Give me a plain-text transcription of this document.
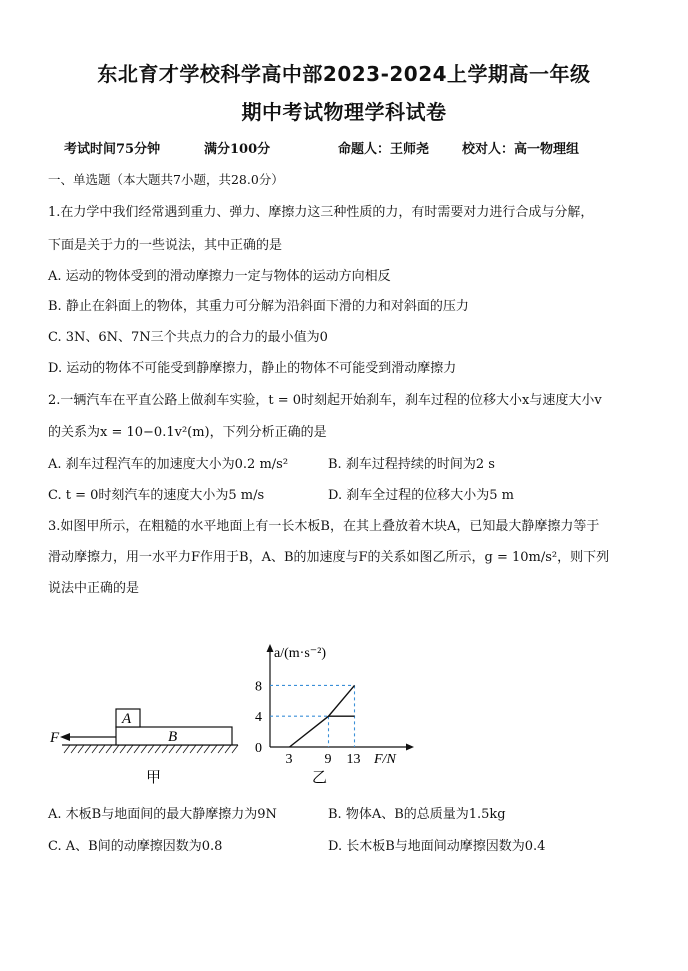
东北育才学校科学高中部2023-2024上学期高一年级
期中考试物理学科试卷
考试时间75分钟	满分100分	命题人：王师尧	校对人：高一物理组
一、单选题（本大题共7小题，共28.0分）
1.在力学中我们经常遇到重力、弹力、摩擦力这三种性质的力，有时需要对力进行合成与分解，
下面是关于力的一些说法，其中正确的是
A. 运动的物体受到的滑动摩擦力一定与物体的运动方向相反
B. 静止在斜面上的物体，其重力可分解为沿斜面下滑的力和对斜面的压力
C. 3N、6N、7N三个共点力的合力的最小值为0
D. 运动的物体不可能受到静摩擦力，静止的物体不可能受到滑动摩擦力
2.一辆汽车在平直公路上做刹车实验，t = 0时刻起开始刹车，刹车过程的位移大小x与速度大小v
的关系为x = 10−0.1v²(m)，下列分析正确的是
A. 刹车过程汽车的加速度大小为0.2 m/s²	B. 刹车过程持续的时间为2 s
C. t = 0时刻汽车的速度大小为5 m/s	D. 刹车全过程的位移大小为5 m
3.如图甲所示，在粗糙的水平地面上有一长木板B，在其上叠放着木块A，已知最大静摩擦力等于
滑动摩擦力，用一水平力F作用于B，A、B的加速度与F的关系如图乙所示，g = 10m/s²，则下列
说法中正确的是
B
A
F
甲
a/(m·s⁻²)
F/N
0
8
4
3 9 13
乙
A. 木板B与地面间的最大静摩擦力为9N	B. 物体A、B的总质量为1.5kg
C. A、B间的动摩擦因数为0.8	D. 长木板B与地面间动摩擦因数为0.4
